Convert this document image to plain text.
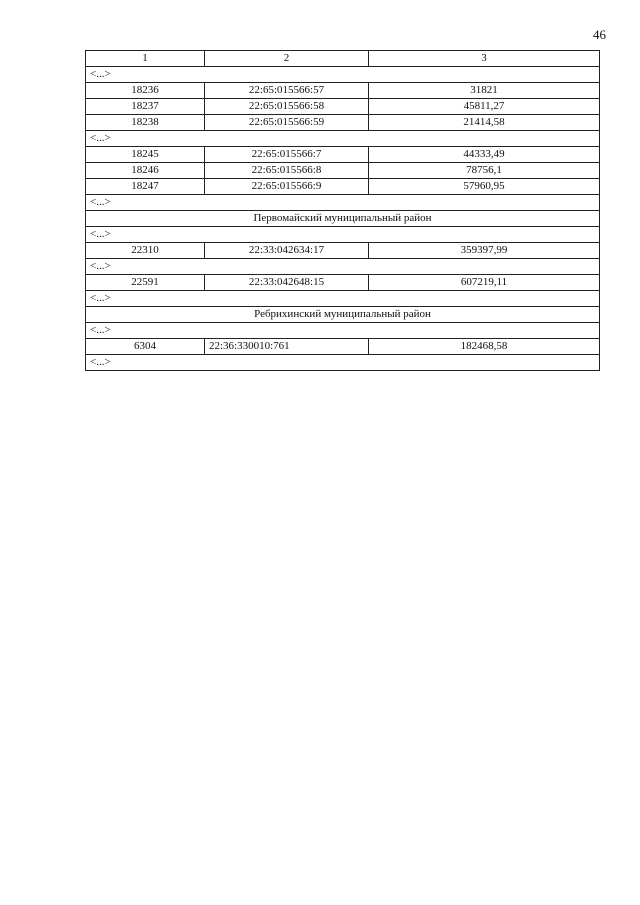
46
1	2	3
<...>		
18236	22:65:015566:57	31821
18237	22:65:015566:58	45811,27
18238	22:65:015566:59	21414,58
<...>		
18245	22:65:015566:7	44333,49
18246	22:65:015566:8	78756,1
18247	22:65:015566:9	57960,95
<...>		
Первомайский муниципальный район		
<...>		
22310	22:33:042634:17	359397,99
<...>		
22591	22:33:042648:15	607219,11
<...>		
Ребрихинский муниципальный район		
<...>		
6304	22:36:330010:761	182468,58
<...>		
